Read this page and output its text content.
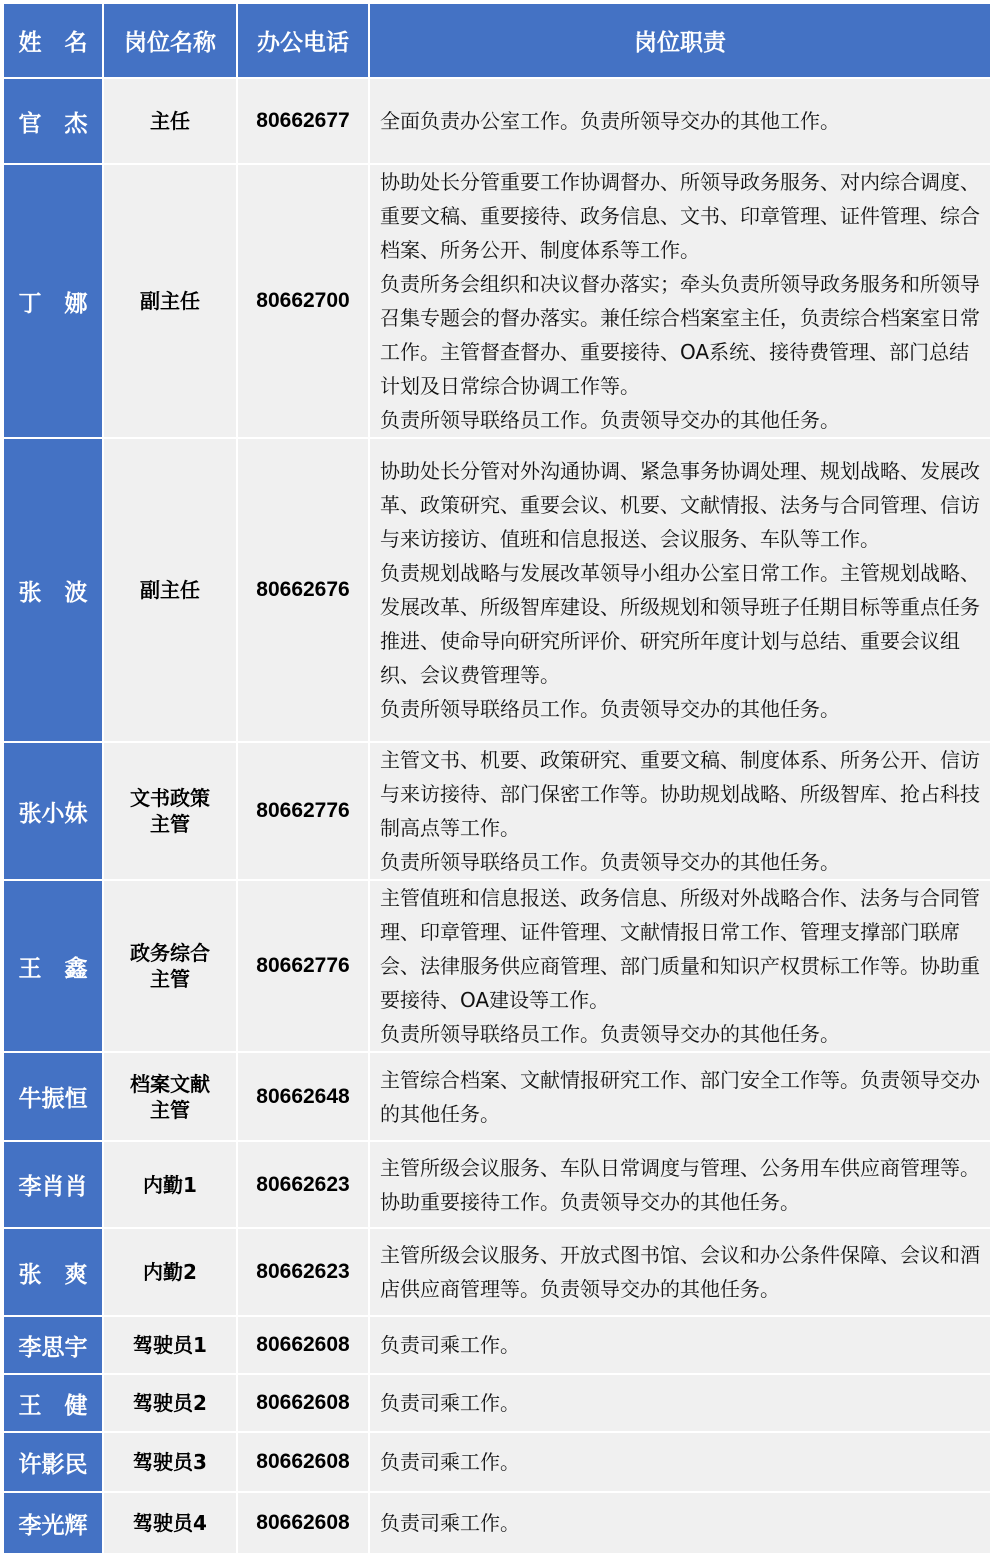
姓　名	岗位名称	办公电话	岗位职责
官　杰	主任	80662677	全面负责办公室工作。负责所领导交办的其他工作。

丁　娜	副主任	80662700	协助处长分管重要工作协调督办、所领导政务服务、对内综合调度、重要文稿、重要接待、政务信息、文书、印章管理、证件管理、综合档案、所务公开、制度体系等工作。
负责所务会组织和决议督办落实；牵头负责所领导政务服务和所领导召集专题会的督办落实。兼任综合档案室主任，负责综合档案室日常工作。主管督查督办、重要接待、OA系统、接待费管理、部门总结计划及日常综合协调工作等。
负责所领导联络员工作。负责领导交办的其他任务。

张　波	副主任	80662676	协助处长分管对外沟通协调、紧急事务协调处理、规划战略、发展改革、政策研究、重要会议、机要、文献情报、法务与合同管理、信访与来访接访、值班和信息报送、会议服务、车队等工作。
负责规划战略与发展改革领导小组办公室日常工作。主管规划战略、发展改革、所级智库建设、所级规划和领导班子任期目标等重点任务推进、使命导向研究所评价、研究所年度计划与总结、重要会议组织、会议费管理等。
负责所领导联络员工作。负责领导交办的其他任务。

张小妹	文书政策主管	80662776	主管文书、机要、政策研究、重要文稿、制度体系、所务公开、信访与来访接待、部门保密工作等。协助规划战略、所级智库、抢占科技制高点等工作。
负责所领导联络员工作。负责领导交办的其他任务。

王　鑫	政务综合主管	80662776	主管值班和信息报送、政务信息、所级对外战略合作、法务与合同管理、印章管理、证件管理、文献情报日常工作、管理支撑部门联席会、法律服务供应商管理、部门质量和知识产权贯标工作等。协助重要接待、OA建设等工作。
负责所领导联络员工作。负责领导交办的其他任务。

牛振恒	档案文献主管	80662648	主管综合档案、文献情报研究工作、部门安全工作等。负责领导交办的其他任务。

李肖肖	内勤1	80662623	主管所级会议服务、车队日常调度与管理、公务用车供应商管理等。协助重要接待工作。负责领导交办的其他任务。

张　爽	内勤2	80662623	主管所级会议服务、开放式图书馆、会议和办公条件保障、会议和酒店供应商管理等。负责领导交办的其他任务。

李思宇	驾驶员1	80662608	负责司乘工作。

王　健	驾驶员2	80662608	负责司乘工作。

许影民	驾驶员3	80662608	负责司乘工作。

李光辉	驾驶员4	80662608	负责司乘工作。
